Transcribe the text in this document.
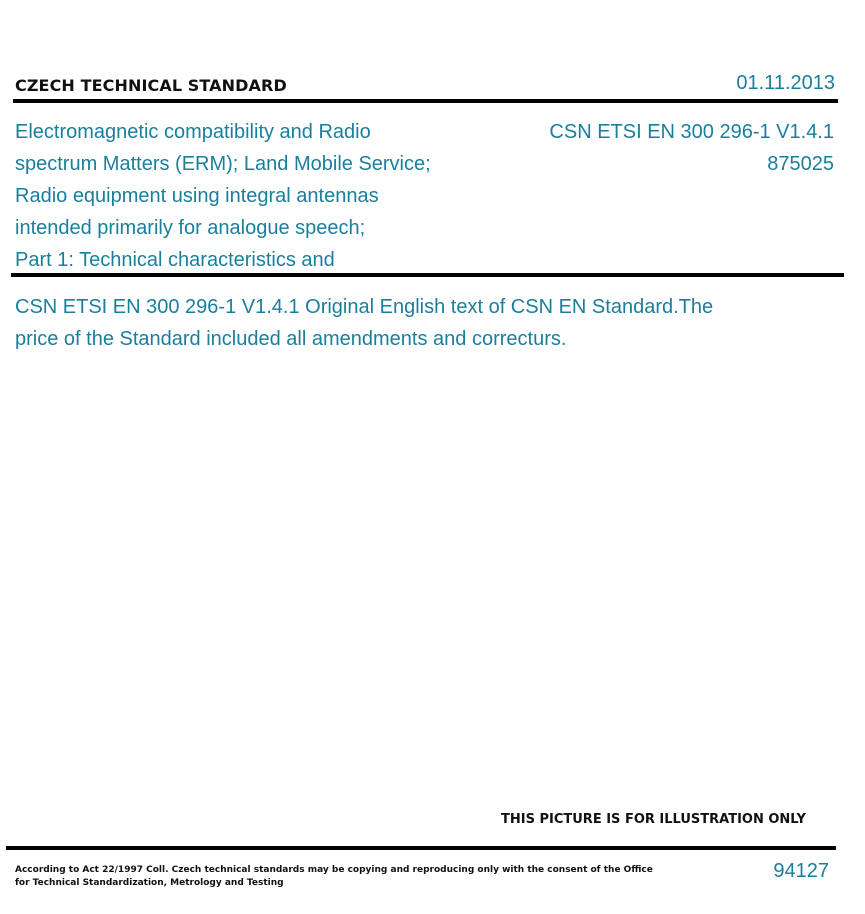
CZECH TECHNICAL STANDARD	01.11.2013
Electromagnetic compatibility and Radio
spectrum Matters (ERM); Land Mobile Service;
Radio equipment using integral antennas
intended primarily for analogue speech;
Part 1: Technical characteristics and
CSN ETSI EN 300 296-1 V1.4.1
875025
CSN ETSI EN 300 296-1 V1.4.1 Original English text of CSN EN Standard.The
price of the Standard included all amendments and correcturs.
THIS PICTURE IS FOR ILLUSTRATION ONLY
According to Act 22/1997 Coll. Czech technical standards may be copying and reproducing only with the consent of the Office
for Technical Standardization, Metrology and Testing
94127
